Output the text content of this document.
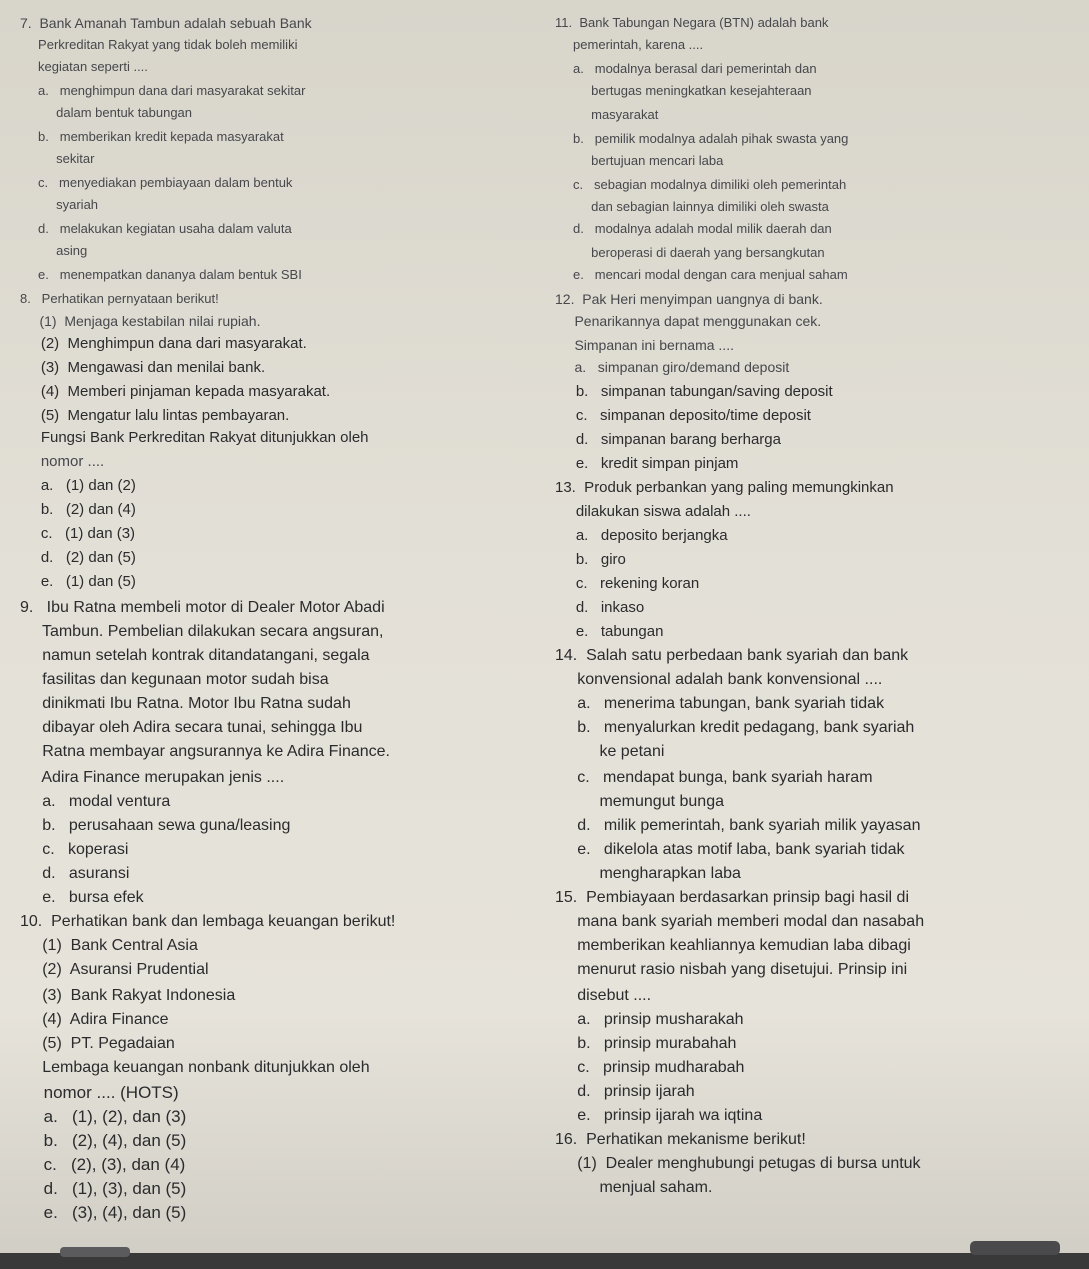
7.  Bank Amanah Tambun adalah sebuah Bank
Perkreditan Rakyat yang tidak boleh memiliki
kegiatan seperti ....
a.   menghimpun dana dari masyarakat sekitar
dalam bentuk tabungan
b.   memberikan kredit kepada masyarakat
sekitar
c.   menyediakan pembiayaan dalam bentuk
syariah
d.   melakukan kegiatan usaha dalam valuta
asing
e.   menempatkan dananya dalam bentuk SBI
8.   Perhatikan pernyataan berikut!
(1)  Menjaga kestabilan nilai rupiah.
(2)  Menghimpun dana dari masyarakat.
(3)  Mengawasi dan menilai bank.
(4)  Memberi pinjaman kepada masyarakat.
(5)  Mengatur lalu lintas pembayaran.
Fungsi Bank Perkreditan Rakyat ditunjukkan oleh
nomor ....
a.   (1) dan (2)
b.   (2) dan (4)
c.   (1) dan (3)
d.   (2) dan (5)
e.   (1) dan (5)
9.   Ibu Ratna membeli motor di Dealer Motor Abadi
Tambun. Pembelian dilakukan secara angsuran,
namun setelah kontrak ditandatangani, segala
fasilitas dan kegunaan motor sudah bisa
dinikmati Ibu Ratna. Motor Ibu Ratna sudah
dibayar oleh Adira secara tunai, sehingga Ibu
Ratna membayar angsurannya ke Adira Finance.
Adira Finance merupakan jenis ....
a.   modal ventura
b.   perusahaan sewa guna/leasing
c.   koperasi
d.   asuransi
e.   bursa efek
10.  Perhatikan bank dan lembaga keuangan berikut!
(1)  Bank Central Asia
(2)  Asuransi Prudential
(3)  Bank Rakyat Indonesia
(4)  Adira Finance
(5)  PT. Pegadaian
Lembaga keuangan nonbank ditunjukkan oleh
nomor .... (HOTS)
a.   (1), (2), dan (3)
b.   (2), (4), dan (5)
c.   (2), (3), dan (4)
d.   (1), (3), dan (5)
e.   (3), (4), dan (5)
11.  Bank Tabungan Negara (BTN) adalah bank
pemerintah, karena ....
a.   modalnya berasal dari pemerintah dan
bertugas meningkatkan kesejahteraan
masyarakat
b.   pemilik modalnya adalah pihak swasta yang
bertujuan mencari laba
c.   sebagian modalnya dimiliki oleh pemerintah
dan sebagian lainnya dimiliki oleh swasta
d.   modalnya adalah modal milik daerah dan
beroperasi di daerah yang bersangkutan
e.   mencari modal dengan cara menjual saham
12.  Pak Heri menyimpan uangnya di bank.
Penarikannya dapat menggunakan cek.
Simpanan ini bernama ....
a.   simpanan giro/demand deposit
b.   simpanan tabungan/saving deposit
c.   simpanan deposito/time deposit
d.   simpanan barang berharga
e.   kredit simpan pinjam
13.  Produk perbankan yang paling memungkinkan
dilakukan siswa adalah ....
a.   deposito berjangka
b.   giro
c.   rekening koran
d.   inkaso
e.   tabungan
14.  Salah satu perbedaan bank syariah dan bank
konvensional adalah bank konvensional ....
a.   menerima tabungan, bank syariah tidak
b.   menyalurkan kredit pedagang, bank syariah
ke petani
c.   mendapat bunga, bank syariah haram
memungut bunga
d.   milik pemerintah, bank syariah milik yayasan
e.   dikelola atas motif laba, bank syariah tidak
mengharapkan laba
15.  Pembiayaan berdasarkan prinsip bagi hasil di
mana bank syariah memberi modal dan nasabah
memberikan keahliannya kemudian laba dibagi
menurut rasio nisbah yang disetujui. Prinsip ini
disebut ....
a.   prinsip musharakah
b.   prinsip murabahah
c.   prinsip mudharabah
d.   prinsip ijarah
e.   prinsip ijarah wa iqtina
16.  Perhatikan mekanisme berikut!
(1)  Dealer menghubungi petugas di bursa untuk
menjual saham.
